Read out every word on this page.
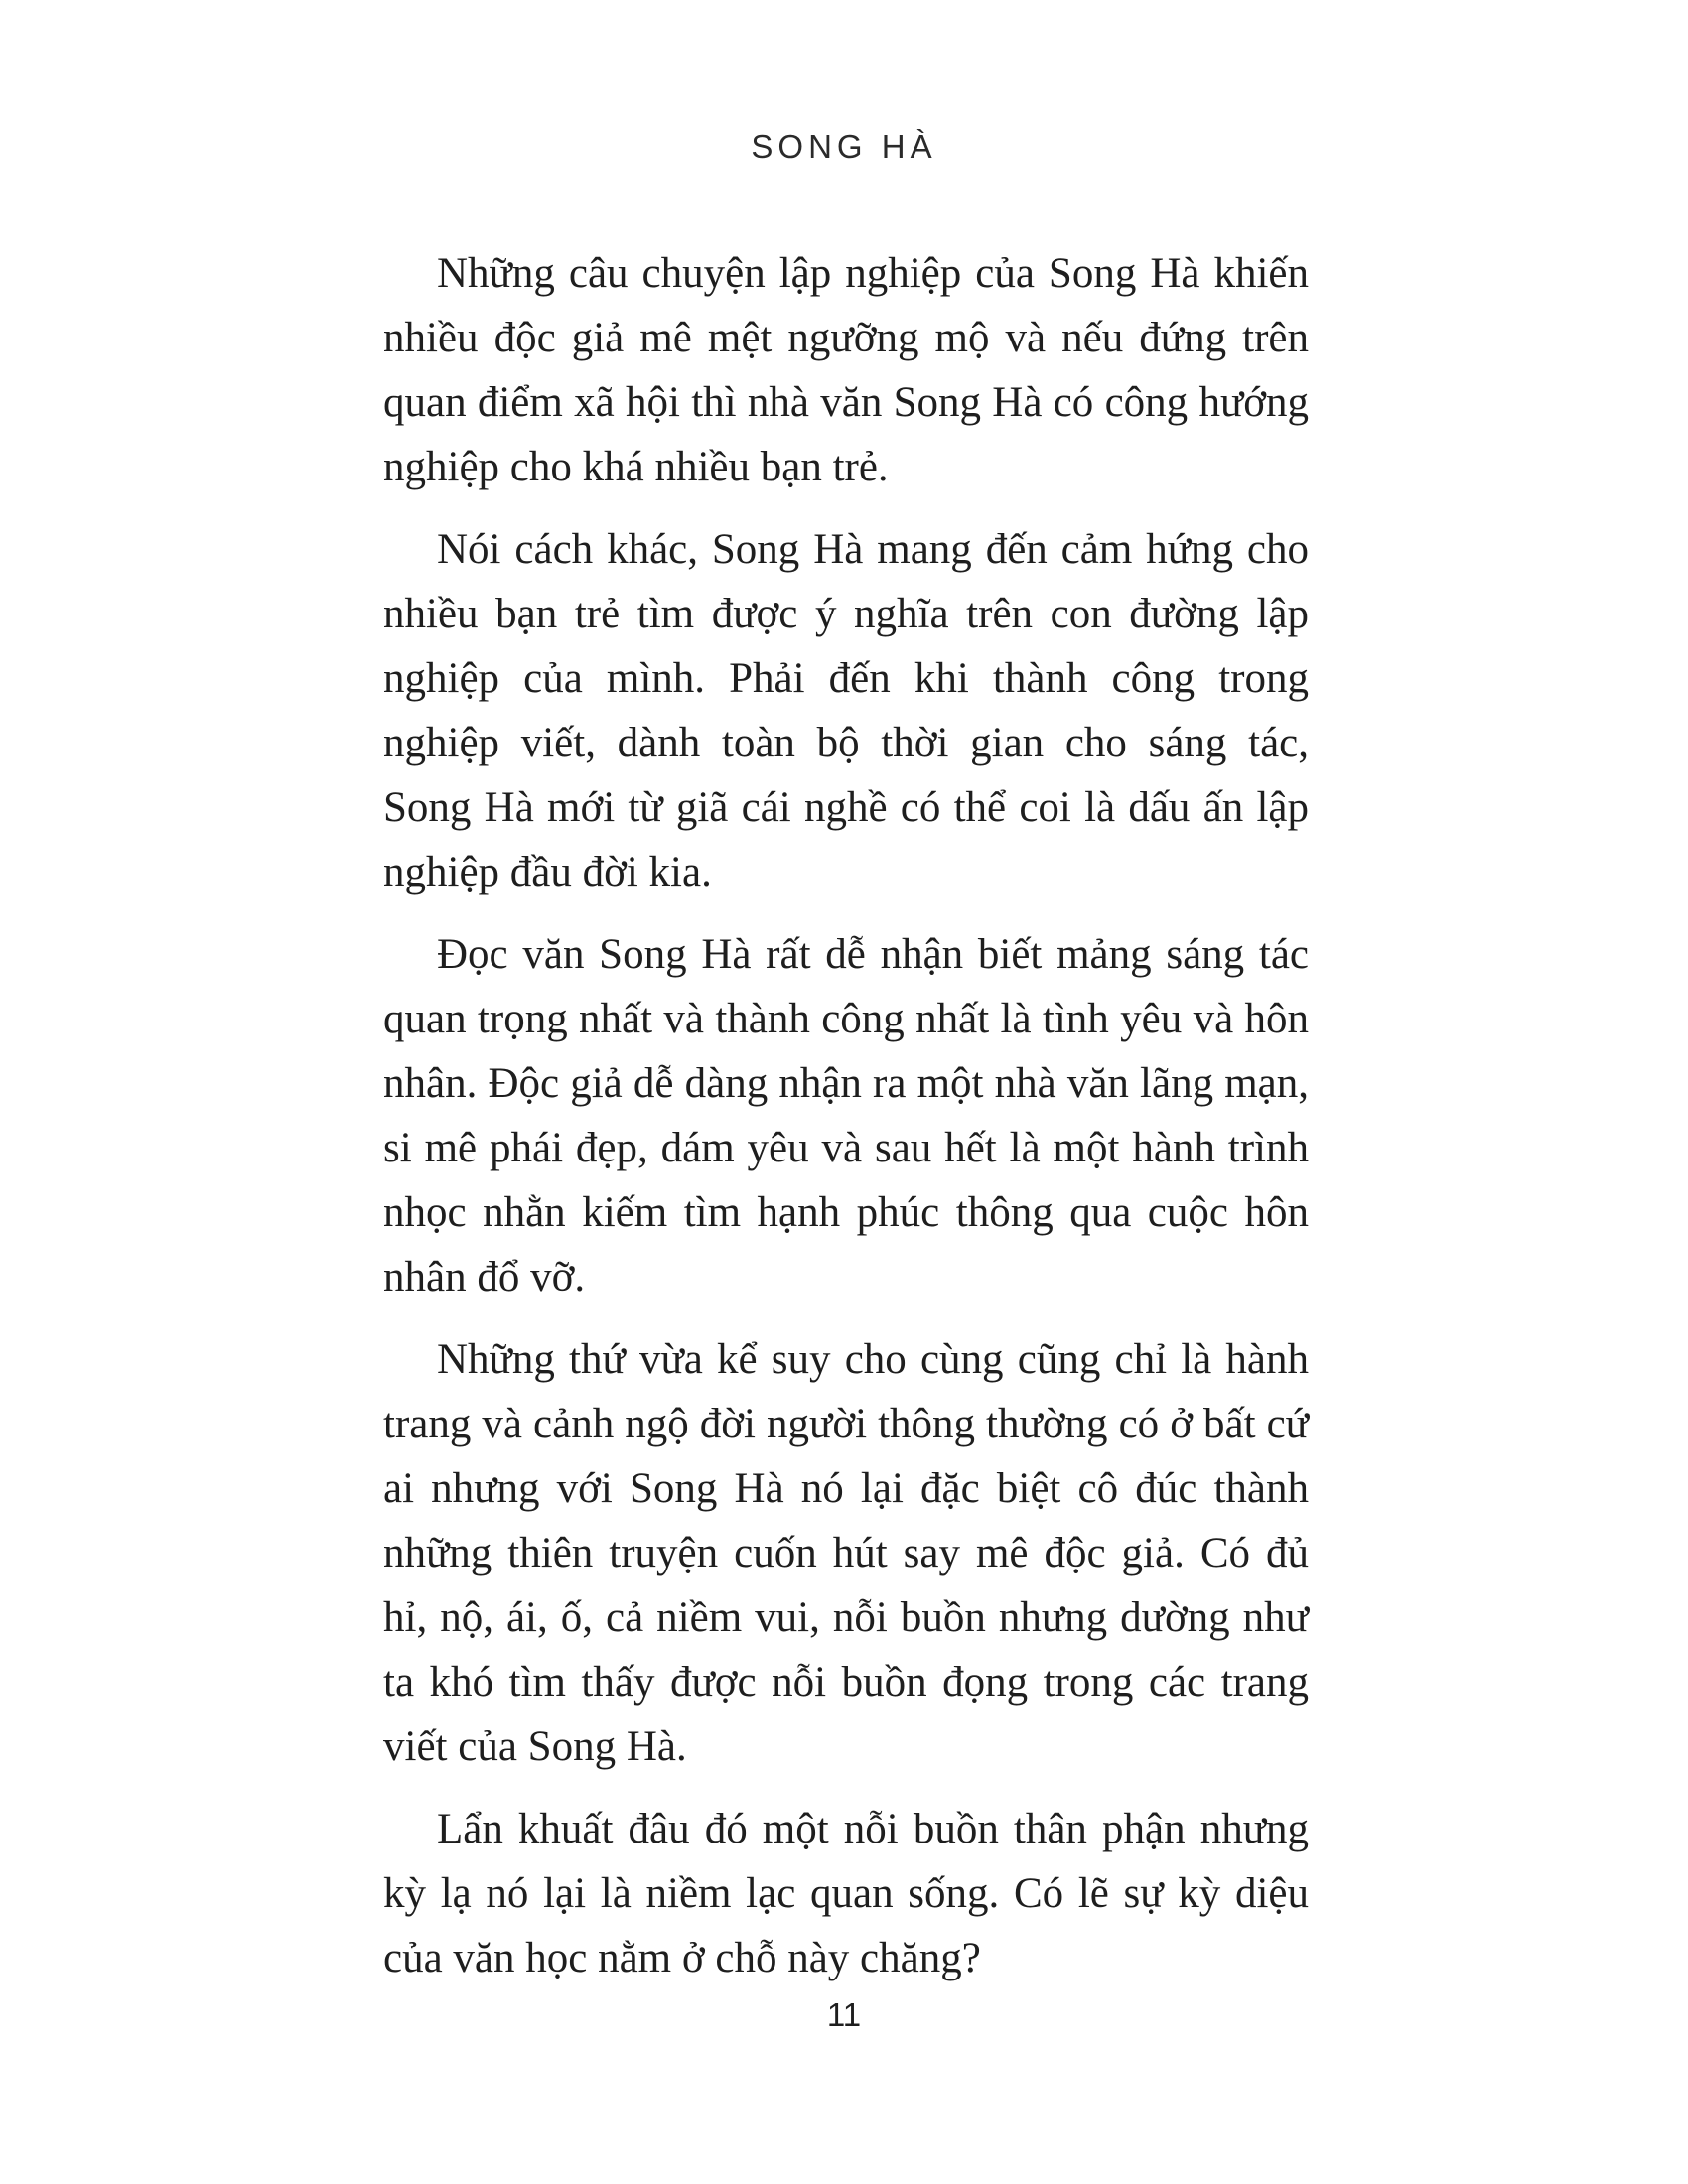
SONG HÀ

Những câu chuyện lập nghiệp của Song Hà khiến nhiều độc giả mê mệt ngưỡng mộ và nếu đứng trên quan điểm xã hội thì nhà văn Song Hà có công hướng nghiệp cho khá nhiều bạn trẻ.

Nói cách khác, Song Hà mang đến cảm hứng cho nhiều bạn trẻ tìm được ý nghĩa trên con đường lập nghiệp của mình. Phải đến khi thành công trong nghiệp viết, dành toàn bộ thời gian cho sáng tác, Song Hà mới từ giã cái nghề có thể coi là dấu ấn lập nghiệp đầu đời kia.

Đọc văn Song Hà rất dễ nhận biết mảng sáng tác quan trọng nhất và thành công nhất là tình yêu và hôn nhân. Độc giả dễ dàng nhận ra một nhà văn lãng mạn, si mê phái đẹp, dám yêu và sau hết là một hành trình nhọc nhằn kiếm tìm hạnh phúc thông qua cuộc hôn nhân đổ vỡ.

Những thứ vừa kể suy cho cùng cũng chỉ là hành trang và cảnh ngộ đời người thông thường có ở bất cứ ai nhưng với Song Hà nó lại đặc biệt cô đúc thành những thiên truyện cuốn hút say mê độc giả. Có đủ hỉ, nộ, ái, ố, cả niềm vui, nỗi buồn nhưng dường như ta khó tìm thấy được nỗi buồn đọng trong các trang viết của Song Hà.

Lẩn khuất đâu đó một nỗi buồn thân phận nhưng kỳ lạ nó lại là niềm lạc quan sống. Có lẽ sự kỳ diệu của văn học nằm ở chỗ này chăng?

11
